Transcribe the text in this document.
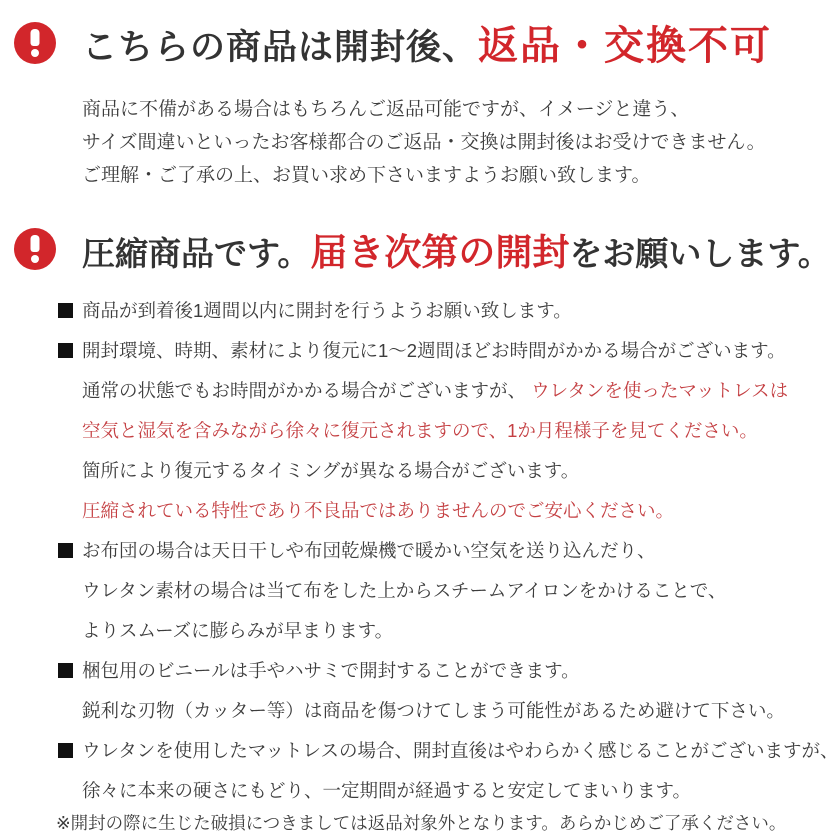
こちらの商品は開封後、 返品・交換不可
商品に不備がある場合はもちろんご返品可能ですが、イメージと違う、
サイズ間違いといったお客様都合のご返品・交換は開封後はお受けできません。
ご理解・ご了承の上、お買い求め下さいますようお願い致します。
圧縮商品です。 届き次第の開封 をお願いします。
商品が到着後1週間以内に開封を行うようお願い致します。
開封環境、時期、素材により復元に1～2週間ほどお時間がかかる場合がございます。
通常の状態でもお時間がかかる場合がございますが、 ウレタンを使ったマットレスは
空気と湿気を含みながら徐々に復元されますので、1か月程様子を見てください。
箇所により復元するタイミングが異なる場合がございます。
圧縮されている特性であり不良品ではありませんのでご安心ください。
お布団の場合は天日干しや布団乾燥機で暖かい空気を送り込んだり、
ウレタン素材の場合は当て布をした上からスチームアイロンをかけることで、
よりスムーズに膨らみが早まります。
梱包用のビニールは手やハサミで開封することができます。
鋭利な刃物（カッター等）は商品を傷つけてしまう可能性があるため避けて下さい。
ウレタンを使用したマットレスの場合、開封直後はやわらかく感じることがございますが、
徐々に本来の硬さにもどり、一定期間が経過すると安定してまいります。
※開封の際に生じた破損につきましては返品対象外となります。あらかじめご了承ください。
